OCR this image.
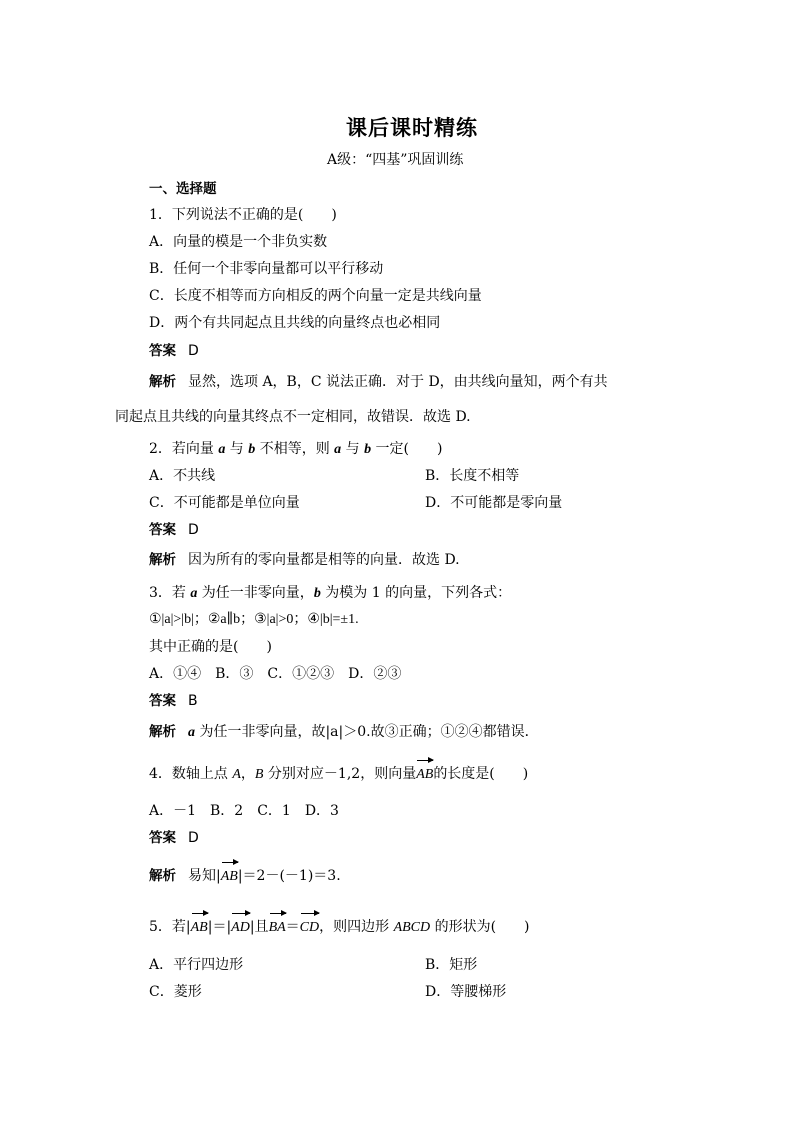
课后课时精练
A级：“四基”巩固训练
一、选择题
1．下列说法不正确的是(　　)
A．向量的模是一个非负实数
B．任何一个非零向量都可以平行移动
C．长度不相等而方向相反的两个向量一定是共线向量
D．两个有共同起点且共线的向量终点也必相同
答案 D
解析 显然，选项 A，B，C 说法正确．对于 D，由共线向量知，两个有共
同起点且共线的向量其终点不一定相同，故错误．故选 D.
2．若向量 a 与 b 不相等，则 a 与 b 一定(　　)
A．不共线	B．长度不相等
C．不可能都是单位向量	D．不可能都是零向量
答案 D
解析 因为所有的零向量都是相等的向量．故选 D.
3．若 a 为任一非零向量，b 为模为 1 的向量，下列各式：
①|a|>|b|；②a∥b；③|a|>0；④|b|=±1.
其中正确的是(　　)
A．①④　B．③　C．①②③　D．②③
答案 B
解析 a 为任一非零向量，故|a|＞0.故③正确；①②④都错误．
4．数轴上点 A，B 分别对应－1,2，则向量AB的长度是(　　)
A．－1　B．2　C．1　D．3
答案 D
解析 易知|AB|＝2－(－1)＝3.
5．若|AB|＝|AD|且BA＝CD，则四边形 ABCD 的形状为(　　)
A．平行四边形	B．矩形
C．菱形	D．等腰梯形
